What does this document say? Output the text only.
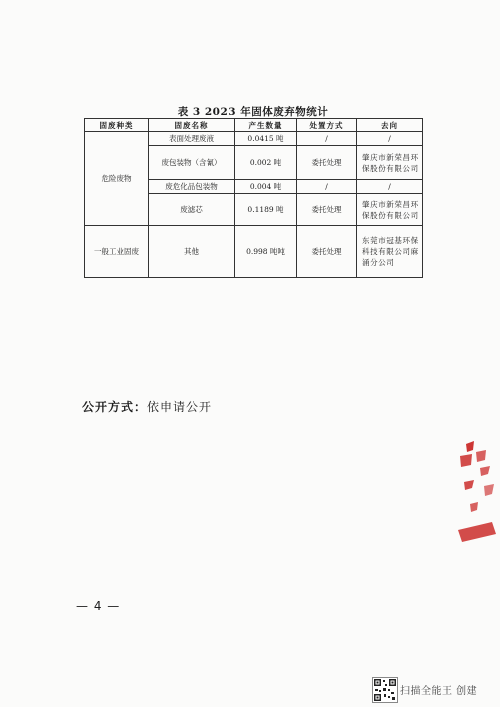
表 3 2023 年固体废弃物统计
固废种类	固废名称	产生数量	处置方式	去向
危险废物	表面处理废液	0.0415 吨	/	/
	废包装物（含氰）	0.002 吨	委托处理	肇庆市新荣昌环
保股份有限公司

	废危化品包装物	0.004 吨	/	/
	废滤芯	0.1189 吨	委托处理	肇庆市新荣昌环
保股份有限公司

一般工业固废	其他	0.998 吨吨	委托处理	东莞市冠基环保
科技有限公司麻
涌分公司
公开方式：依申请公开
— 4 —
扫描全能王 创建
